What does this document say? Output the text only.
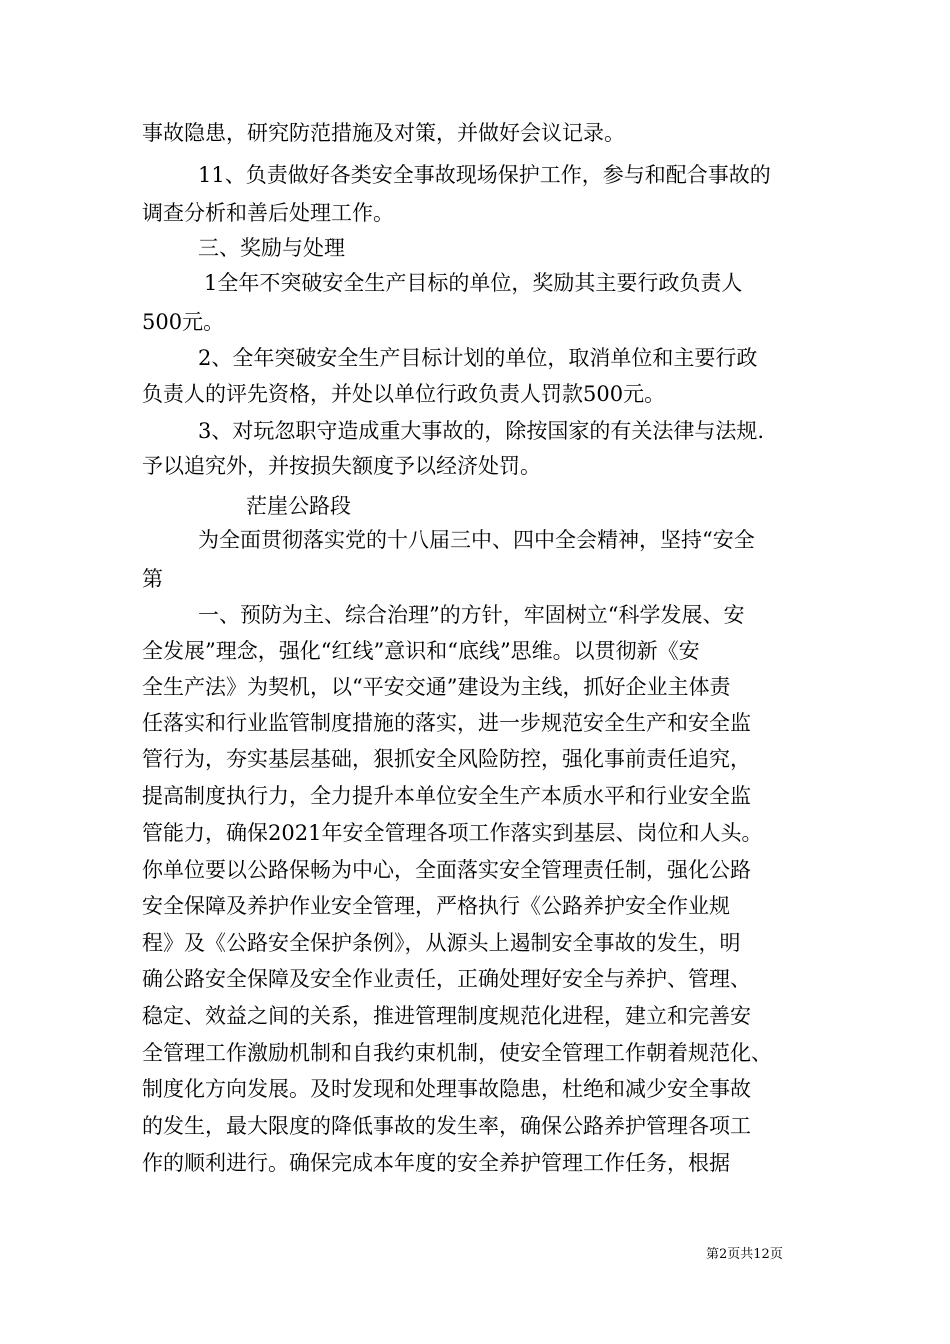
事故隐患，研究防范措施及对策，并做好会议记录。
11、负责做好各类安全事故现场保护工作，参与和配合事故的
调查分析和善后处理工作。
三、奖励与处理
1全年不突破安全生产目标的单位，奖励其主要行政负责人
500元。
2、全年突破安全生产目标计划的单位，取消单位和主要行政
负责人的评先资格，并处以单位行政负责人罚款500元。
3、对玩忽职守造成重大事故的，除按国家的有关法律与法规.
予以追究外，并按损失额度予以经济处罚。
茫崖公路段
为全面贯彻落实党的十八届三中、四中全会精神，坚持“安全
第
一、预防为主、综合治理”的方针，牢固树立“科学发展、安
全发展”理念，强化“红线”意识和“底线”思维。以贯彻新《安
全生产法》为契机，以“平安交通”建设为主线，抓好企业主体责
任落实和行业监管制度措施的落实，进一步规范安全生产和安全监
管行为，夯实基层基础，狠抓安全风险防控，强化事前责任追究，
提高制度执行力，全力提升本单位安全生产本质水平和行业安全监
管能力，确保2021年安全管理各项工作落实到基层、岗位和人头。
你单位要以公路保畅为中心，全面落实安全管理责任制，强化公路
安全保障及养护作业安全管理，严格执行《公路养护安全作业规
程》及《公路安全保护条例》，从源头上遏制安全事故的发生，明
确公路安全保障及安全作业责任，正确处理好安全与养护、管理、
稳定、效益之间的关系，推进管理制度规范化进程，建立和完善安
全管理工作激励机制和自我约束机制，使安全管理工作朝着规范化、
制度化方向发展。及时发现和处理事故隐患，杜绝和减少安全事故
的发生，最大限度的降低事故的发生率，确保公路养护管理各项工
作的顺利进行。确保完成本年度的安全养护管理工作任务，根据
第2页共12页
